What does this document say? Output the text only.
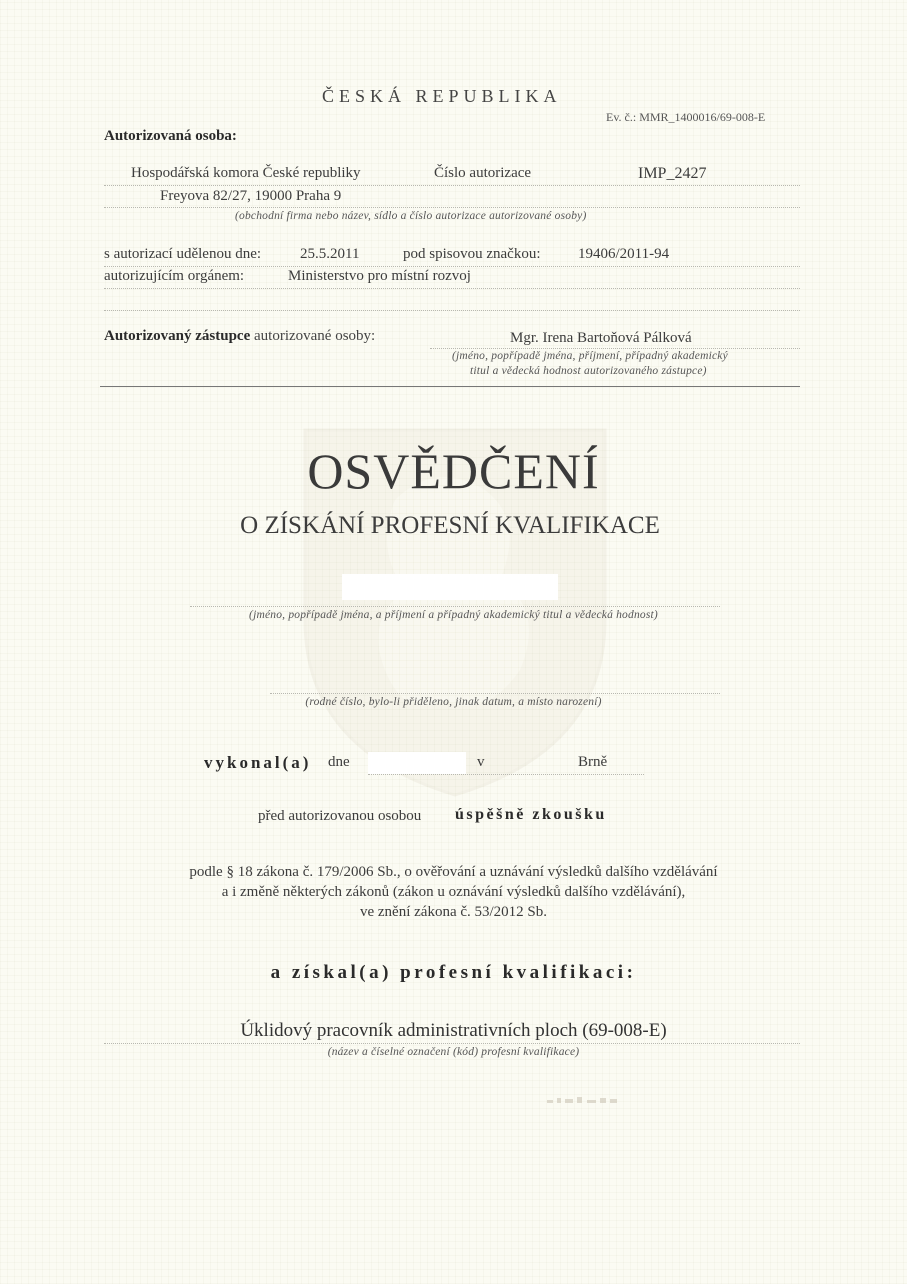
ČESKÁ REPUBLIKA
Ev. č.: MMR_1400016/69-008-E
Autorizovaná osoba:
Hospodářská komora České republiky	Číslo autorizace	IMP_2427
Freyova 82/27, 19000 Praha 9
(obchodní firma nebo název, sídlo a číslo autorizace autorizované osoby)
s autorizací udělenou dne:	25.5.2011	pod spisovou značkou:	19406/2011-94
autorizujícím orgánem:	Ministerstvo pro místní rozvoj
Autorizovaný zástupce autorizované osoby:	Mgr. Irena Bartoňová Pálková
(jméno, popřípadě jména, příjmení, případný akademický
titul a vědecká hodnost autorizovaného zástupce)
OSVĚDČENÍ
O ZÍSKÁNÍ PROFESNÍ KVALIFIKACE
(jméno, popřípadě jména, a příjmení a případný akademický titul a vědecká hodnost)
(rodné číslo, bylo-li přiděleno, jinak datum, a místo narození)
vykonal(a) dne	v	Brně
před autorizovanou osobou úspěšně zkoušku
podle § 18 zákona č. 179/2006 Sb., o ověřování a uznávání výsledků dalšího vzdělávání
a i změně některých zákonů (zákon u oznávání výsledků dalšího vzdělávání),
ve znění zákona č. 53/2012 Sb.
a získal(a) profesní kvalifikaci:
Úklidový pracovník administrativních ploch (69-008-E)
(název a číselné označení (kód) profesní kvalifikace)
